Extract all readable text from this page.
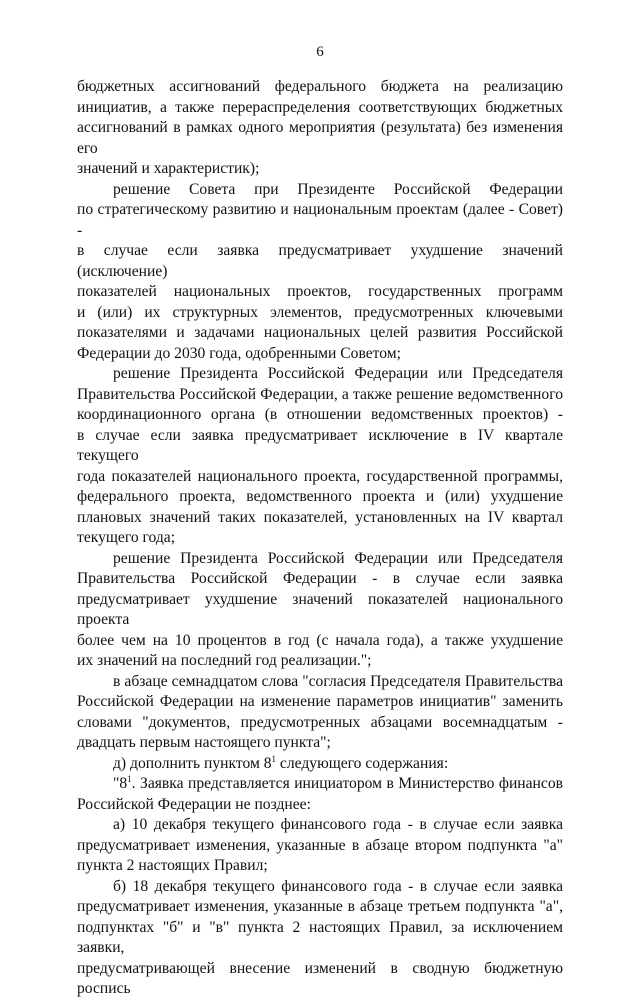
6
бюджетных ассигнований федерального бюджета на реализацию
инициатив, а также перераспределения соответствующих бюджетных
ассигнований в рамках одного мероприятия (результата) без изменения его
значений и характеристик);
решение Совета при Президенте Российской Федерации
по стратегическому развитию и национальным проектам (далее - Совет) -
в случае если заявка предусматривает ухудшение значений (исключение)
показателей национальных проектов, государственных программ
и (или) их структурных элементов, предусмотренных ключевыми
показателями и задачами национальных целей развития Российской
Федерации до 2030 года, одобренными Советом;
решение Президента Российской Федерации или Председателя
Правительства Российской Федерации, а также решение ведомственного
координационного органа (в отношении ведомственных проектов) -
в случае если заявка предусматривает исключение в IV квартале текущего
года показателей национального проекта, государственной программы,
федерального проекта, ведомственного проекта и (или) ухудшение
плановых значений таких показателей, установленных на IV квартал
текущего года;
решение Президента Российской Федерации или Председателя
Правительства Российской Федерации - в случае если заявка
предусматривает ухудшение значений показателей национального проекта
более чем на 10 процентов в год (с начала года), а также ухудшение
их значений на последний год реализации.";
в абзаце семнадцатом слова "согласия Председателя Правительства
Российской Федерации на изменение параметров инициатив" заменить
словами "документов, предусмотренных абзацами восемнадцатым -
двадцать первым настоящего пункта";
д) дополнить пунктом $8^1$ следующего содержания:
"$8^1$. Заявка представляется инициатором в Министерство финансов
Российской Федерации не позднее:
а) 10 декабря текущего финансового года - в случае если заявка
предусматривает изменения, указанные в абзаце втором подпункта "а"
пункта 2 настоящих Правил;
б) 18 декабря текущего финансового года - в случае если заявка
предусматривает изменения, указанные в абзаце третьем подпункта "а",
подпунктах "б" и "в" пункта 2 настоящих Правил, за исключением заявки,
предусматривающей внесение изменений в сводную бюджетную роспись
